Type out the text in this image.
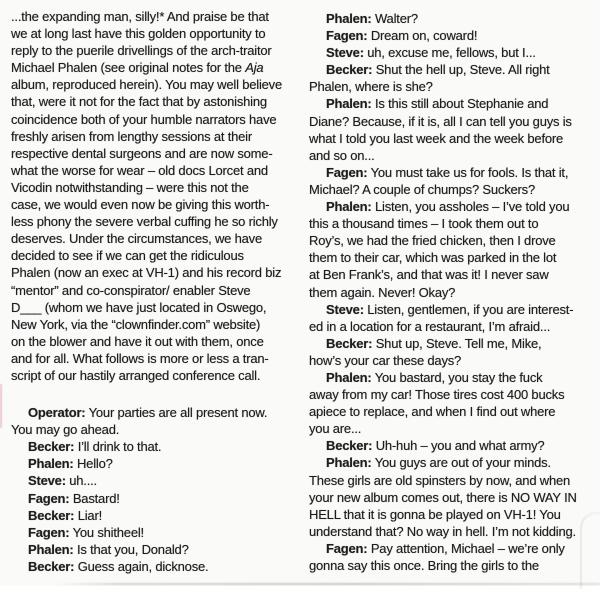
...the expanding man, silly!* And praise be that
we at long last have this golden opportunity to
reply to the puerile drivellings of the arch-traitor
Michael Phalen (see original notes for the Aja
album, reproduced herein). You may well believe
that, were it not for the fact that by astonishing
coincidence both of your humble narrators have
freshly arisen from lengthy sessions at their
respective dental surgeons and are now some-
what the worse for wear – old docs Lorcet and
Vicodin notwithstanding – were this not the
case, we would even now be giving this worth-
less phony the severe verbal cuffing he so richly
deserves. Under the circumstances, we have
decided to see if we can get the ridiculous
Phalen (now an exec at VH-1) and his record biz
“mentor” and co-conspirator/ enabler Steve
D___ (whom we have just located in Oswego,
New York, via the “clownfinder.com” website)
on the blower and have it out with them, once
and for all. What follows is more or less a tran-
script of our hastily arranged conference call.
Operator: Your parties are all present now.
You may go ahead.
Becker: I’ll drink to that.
Phalen: Hello?
Steve: uh....
Fagen: Bastard!
Becker: Liar!
Fagen: You shitheel!
Phalen: Is that you, Donald?
Becker: Guess again, dicknose.
Phalen: Walter?
Fagen: Dream on, coward!
Steve: uh, excuse me, fellows, but I...
Becker: Shut the hell up, Steve. All right
Phalen, where is she?
Phalen: Is this still about Stephanie and
Diane? Because, if it is, all I can tell you guys is
what I told you last week and the week before
and so on...
Fagen: You must take us for fools. Is that it,
Michael? A couple of chumps? Suckers?
Phalen: Listen, you assholes – I’ve told you
this a thousand times – I took them out to
Roy’s, we had the fried chicken, then I drove
them to their car, which was parked in the lot
at Ben Frank’s, and that was it! I never saw
them again. Never! Okay?
Steve: Listen, gentlemen, if you are interest-
ed in a location for a restaurant, I’m afraid...
Becker: Shut up, Steve. Tell me, Mike,
how’s your car these days?
Phalen: You bastard, you stay the fuck
away from my car! Those tires cost 400 bucks
apiece to replace, and when I find out where
you are...
Becker: Uh-huh – you and what army?
Phalen: You guys are out of your minds.
These girls are old spinsters by now, and when
your new album comes out, there is NO WAY IN
HELL that it is gonna be played on VH-1! You
understand that? No way in hell. I’m not kidding.
Fagen: Pay attention, Michael – we’re only
gonna say this once. Bring the girls to the
